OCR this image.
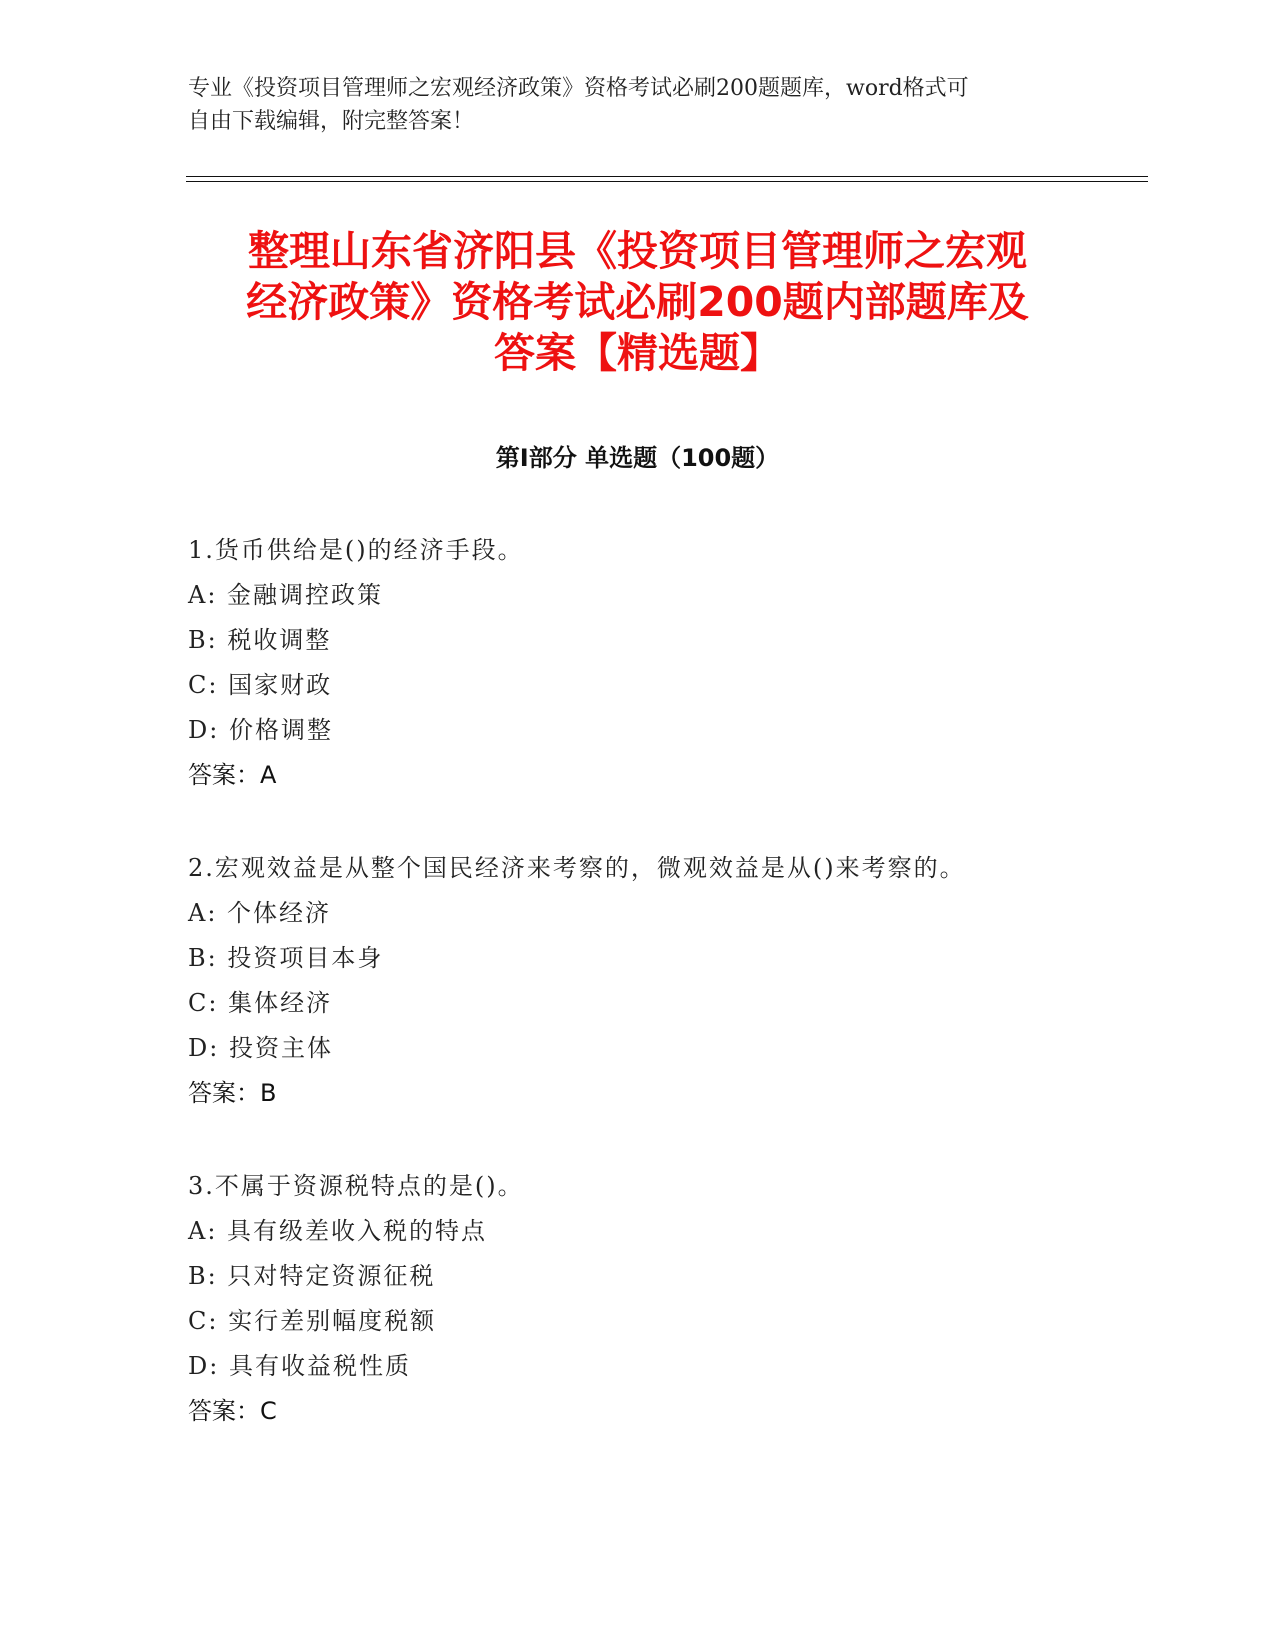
专业《投资项目管理师之宏观经济政策》资格考试必刷200题题库，word格式可
自由下载编辑，附完整答案！
整理山东省济阳县《投资项目管理师之宏观
经济政策》资格考试必刷200题内部题库及
答案【精选题】
第I部分 单选题（100题）
1.货币供给是()的经济手段。
A: 金融调控政策
B: 税收调整
C: 国家财政
D: 价格调整
答案：A
2.宏观效益是从整个国民经济来考察的，微观效益是从()来考察的。
A: 个体经济
B: 投资项目本身
C: 集体经济
D: 投资主体
答案：B
3.不属于资源税特点的是()。
A: 具有级差收入税的特点
B: 只对特定资源征税
C: 实行差别幅度税额
D: 具有收益税性质
答案：C
